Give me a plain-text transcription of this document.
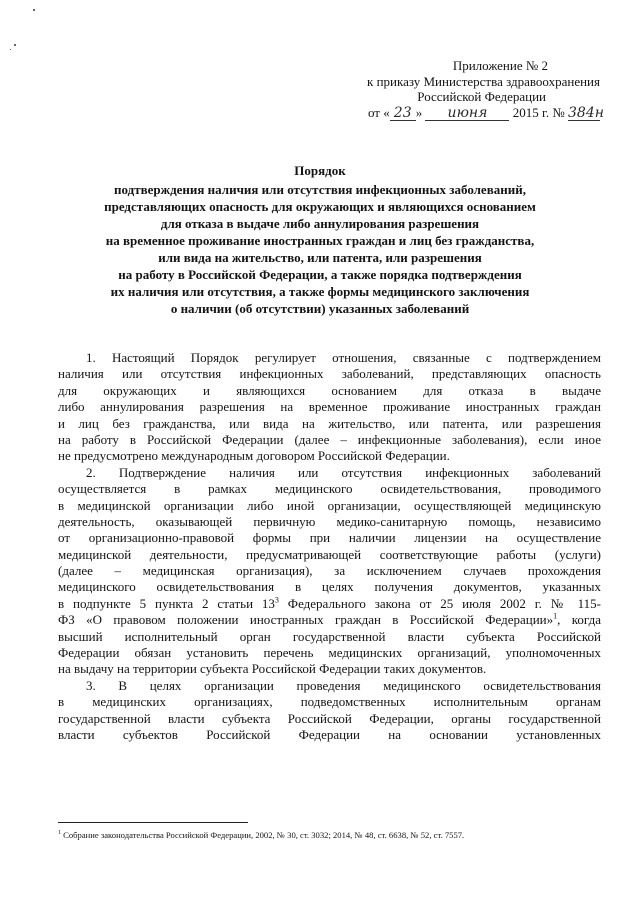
Приложение № 2
к приказу Министерства здравоохранения
Российской Федерации
от « 23 » июня 2015 г. № 384н
Порядок
подтверждения наличия или отсутствия инфекционных заболеваний,
представляющих опасность для окружающих и являющихся основанием
для отказа в выдаче либо аннулирования разрешения
на временное проживание иностранных граждан и лиц без гражданства,
или вида на жительство, или патента, или разрешения
на работу в Российской Федерации, а также порядка подтверждения
их наличия или отсутствия, а также формы медицинского заключения
о наличии (об отсутствии) указанных заболеваний
1. Настоящий Порядок регулирует отношения, связанные с подтверждением
наличия или отсутствия инфекционных заболеваний, представляющих опасность
для окружающих и являющихся основанием для отказа в выдаче
либо аннулирования разрешения на временное проживание иностранных граждан
и лиц без гражданства, или вида на жительство, или патента, или разрешения
на работу в Российской Федерации (далее – инфекционные заболевания), если иное
не предусмотрено международным договором Российской Федерации.
2. Подтверждение наличия или отсутствия инфекционных заболеваний
осуществляется в рамках медицинского освидетельствования, проводимого
в медицинской организации либо иной организации, осуществляющей медицинскую
деятельность, оказывающей первичную медико-санитарную помощь, независимо
от организационно-правовой формы при наличии лицензии на осуществление
медицинской деятельности, предусматривающей соответствующие работы (услуги)
(далее – медицинская организация), за исключением случаев прохождения
медицинского освидетельствования в целях получения документов, указанных
в подпункте 5 пункта 2 статьи $13^3$ Федерального закона от 25 июля 2002 г. № 115-
ФЗ «О правовом положении иностранных граждан в Российской Федерации»$^1$, когда
высший исполнительный орган государственной власти субъекта Российской
Федерации обязан установить перечень медицинских организаций, уполномоченных
на выдачу на территории субъекта Российской Федерации таких документов.
3. В целях организации проведения медицинского освидетельствования
в медицинских организациях, подведомственных исполнительным органам
государственной власти субъекта Российской Федерации, органы государственной
власти субъектов Российской Федерации на основании установленных
$^1$ Собрание законодательства Российской Федерации, 2002, № 30, ст. 3032; 2014, № 48, ст. 6638, № 52, ст. 7557.
